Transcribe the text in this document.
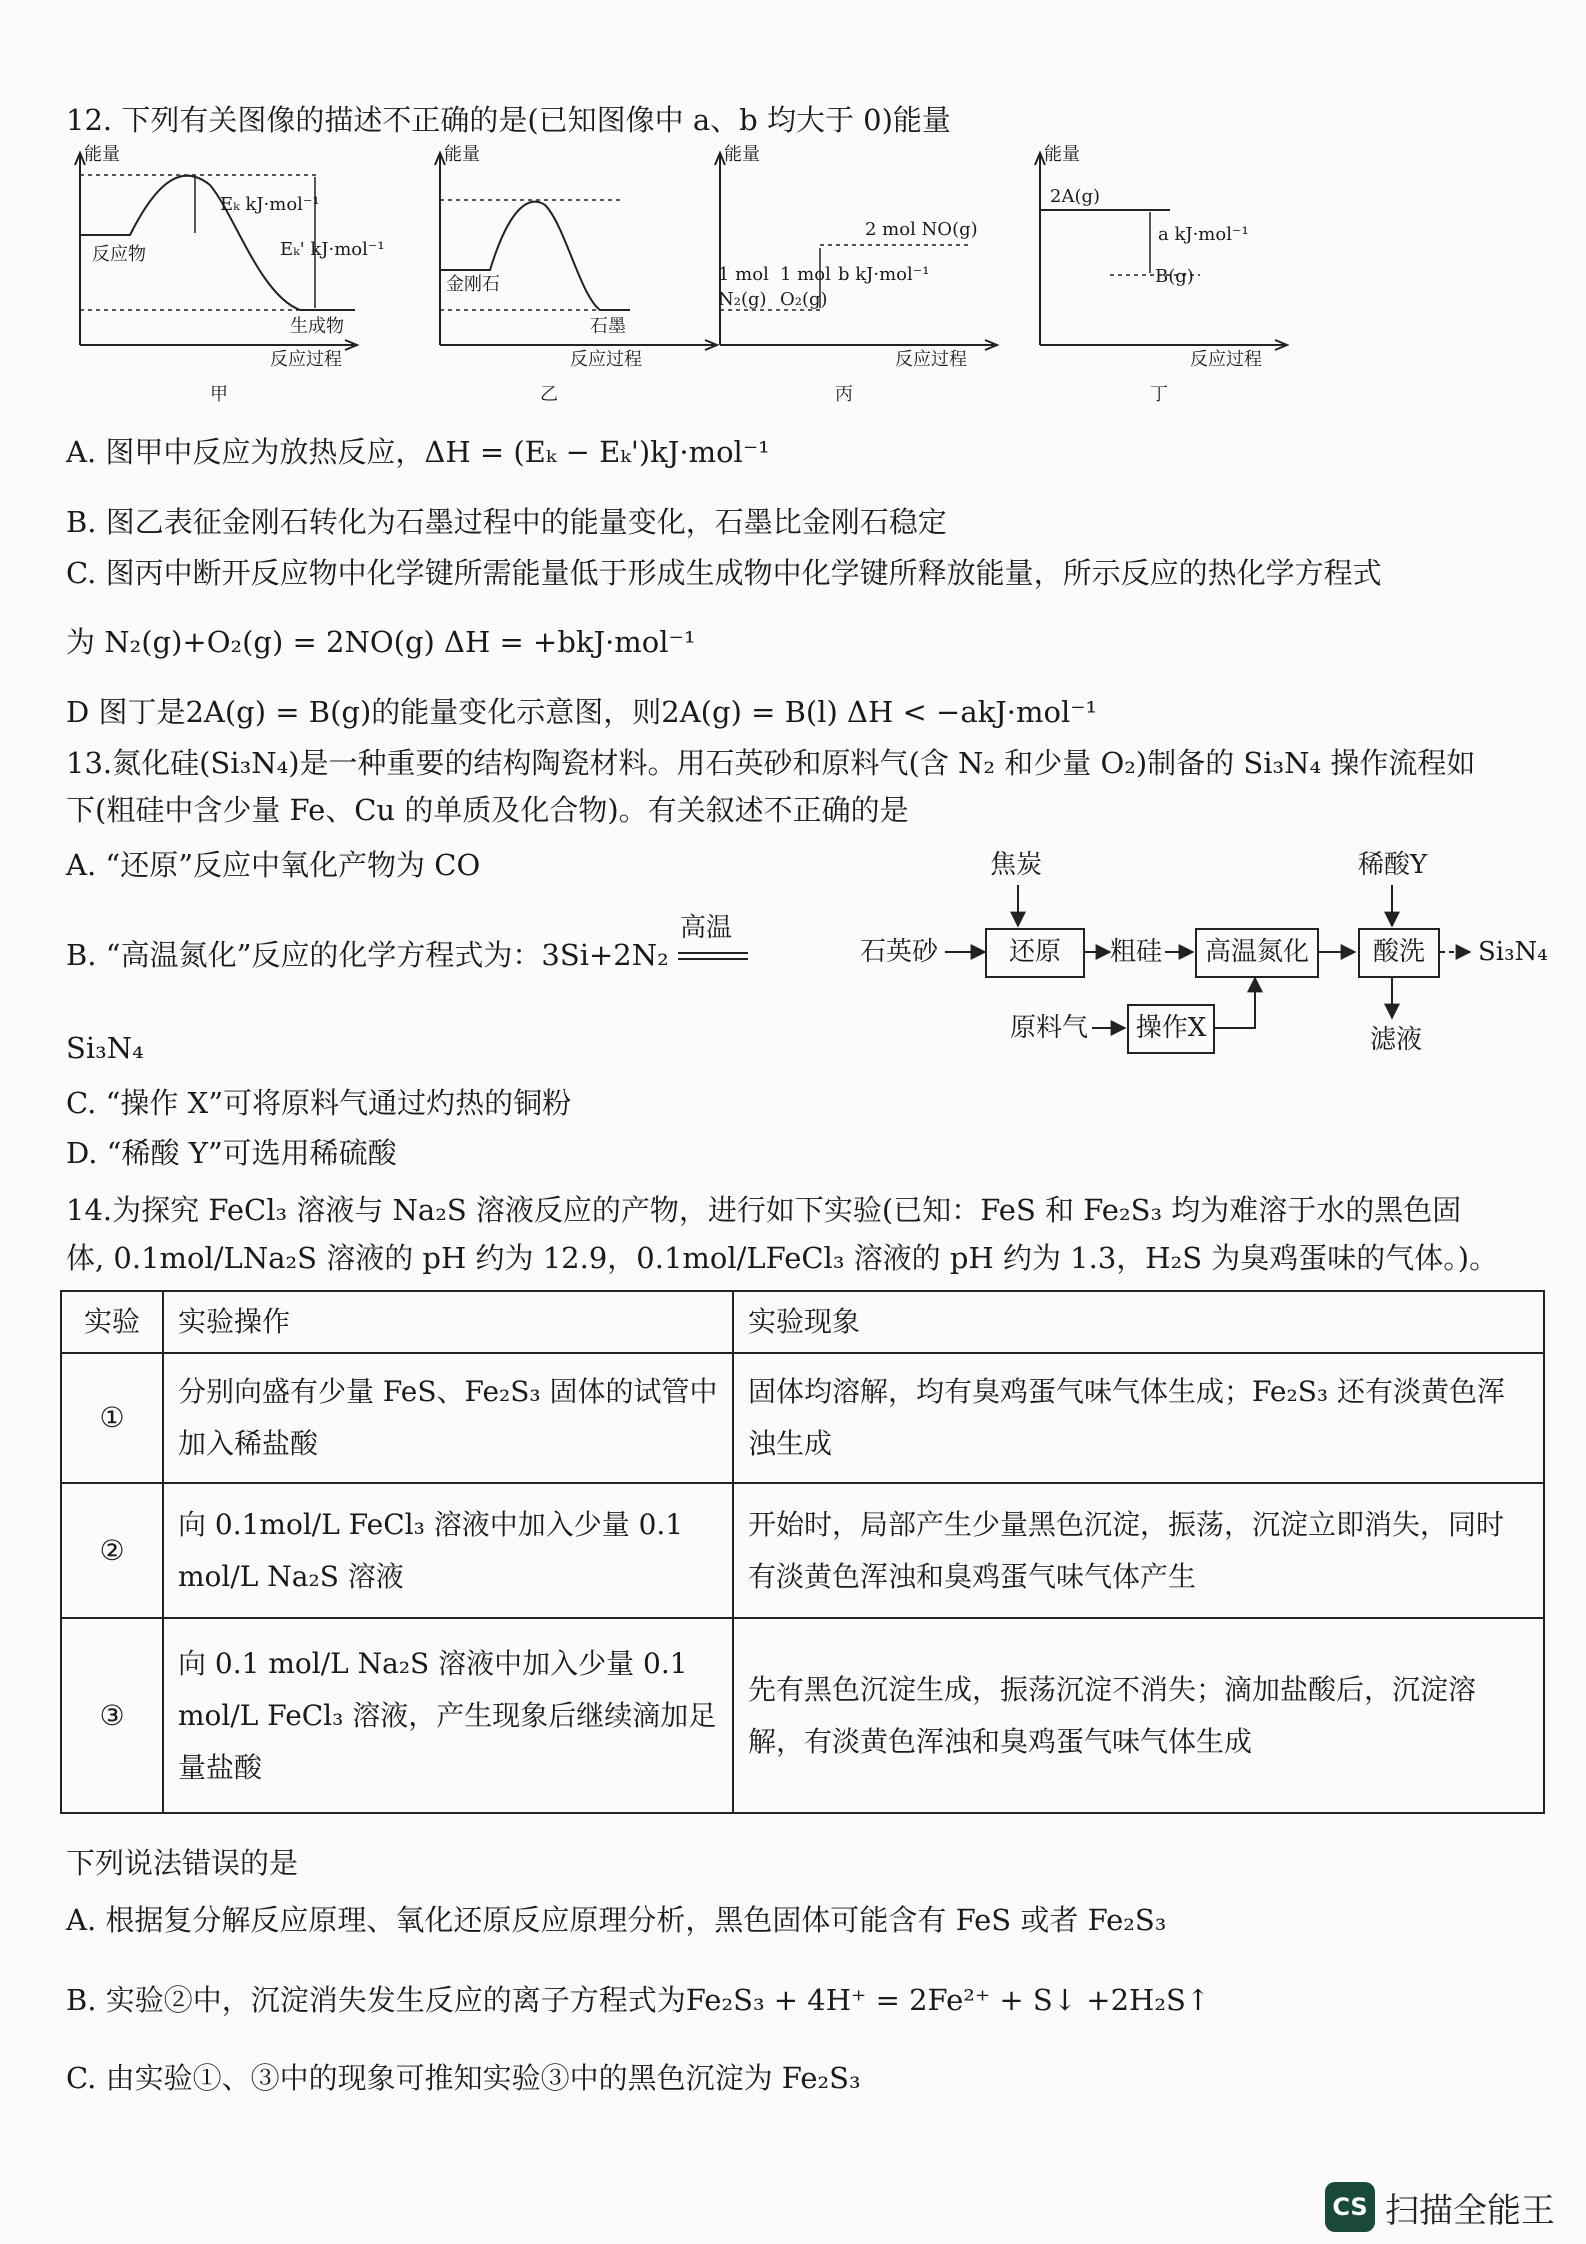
12. 下列有关图像的描述不正确的是(已知图像中 a、b 均大于 0)能量
能量
Eₖ kJ·mol⁻¹
Eₖ' kJ·mol⁻¹
反应物
生成物
反应过程
甲
能量
金刚石
石墨
反应过程
乙
能量
2 mol NO(g)
1 mol 1 mol
N₂(g) O₂(g)
b kJ·mol⁻¹
反应过程
丙
能量
2A(g)
a kJ·mol⁻¹
B(g)
反应过程
丁
A. 图甲中反应为放热反应，ΔH = (Eₖ − Eₖ')kJ·mol⁻¹
B. 图乙表征金刚石转化为石墨过程中的能量变化，石墨比金刚石稳定
C. 图丙中断开反应物中化学键所需能量低于形成生成物中化学键所释放能量，所示反应的热化学方程式
为 N₂(g)+O₂(g) = 2NO(g) ΔH = +bkJ·mol⁻¹
D 图丁是2A(g) = B(g)的能量变化示意图，则2A(g) = B(l) ΔH < −akJ·mol⁻¹
13.氮化硅(Si₃N₄)是一种重要的结构陶瓷材料。用石英砂和原料气(含 N₂ 和少量 O₂)制备的 Si₃N₄ 操作流程如
下(粗硅中含少量 Fe、Cu 的单质及化合物)。有关叙述不正确的是
A. “还原”反应中氧化产物为 CO
B. “高温氮化”反应的化学方程式为：3Si+2N₂
高温
Si₃N₄
C. “操作 X”可将原料气通过灼热的铜粉
D. “稀酸 Y”可选用稀硫酸
焦炭
石英砂	还原	粗硅	高温氮化
稀酸Y
酸洗	Si₃N₄
滤液
原料气	操作X
14.为探究 FeCl₃ 溶液与 Na₂S 溶液反应的产物，进行如下实验(已知：FeS 和 Fe₂S₃ 均为难溶于水的黑色固
体, 0.1mol/LNa₂S 溶液的 pH 约为 12.9，0.1mol/LFeCl₃ 溶液的 pH 约为 1.3，H₂S 为臭鸡蛋味的气体。)。
实验	实验操作	实验现象
①	分别向盛有少量 FeS、Fe₂S₃ 固体的试管中加入稀盐酸	固体均溶解，均有臭鸡蛋气味气体生成；Fe₂S₃ 还有淡黄色浑浊生成
②	向 0.1mol/L FeCl₃ 溶液中加入少量 0.1 mol/L Na₂S 溶液	开始时，局部产生少量黑色沉淀，振荡，沉淀立即消失，同时有淡黄色浑浊和臭鸡蛋气味气体产生
③	向 0.1 mol/L Na₂S 溶液中加入少量 0.1 mol/L FeCl₃ 溶液，产生现象后继续滴加足量盐酸	先有黑色沉淀生成，振荡沉淀不消失；滴加盐酸后，沉淀溶解，有淡黄色浑浊和臭鸡蛋气味气体生成
下列说法错误的是
A. 根据复分解反应原理、氧化还原反应原理分析，黑色固体可能含有 FeS 或者 Fe₂S₃
B. 实验②中，沉淀消失发生反应的离子方程式为Fe₂S₃ + 4H⁺ = 2Fe²⁺ + S↓ +2H₂S↑
C. 由实验①、③中的现象可推知实验③中的黑色沉淀为 Fe₂S₃
CS 扫描全能王
